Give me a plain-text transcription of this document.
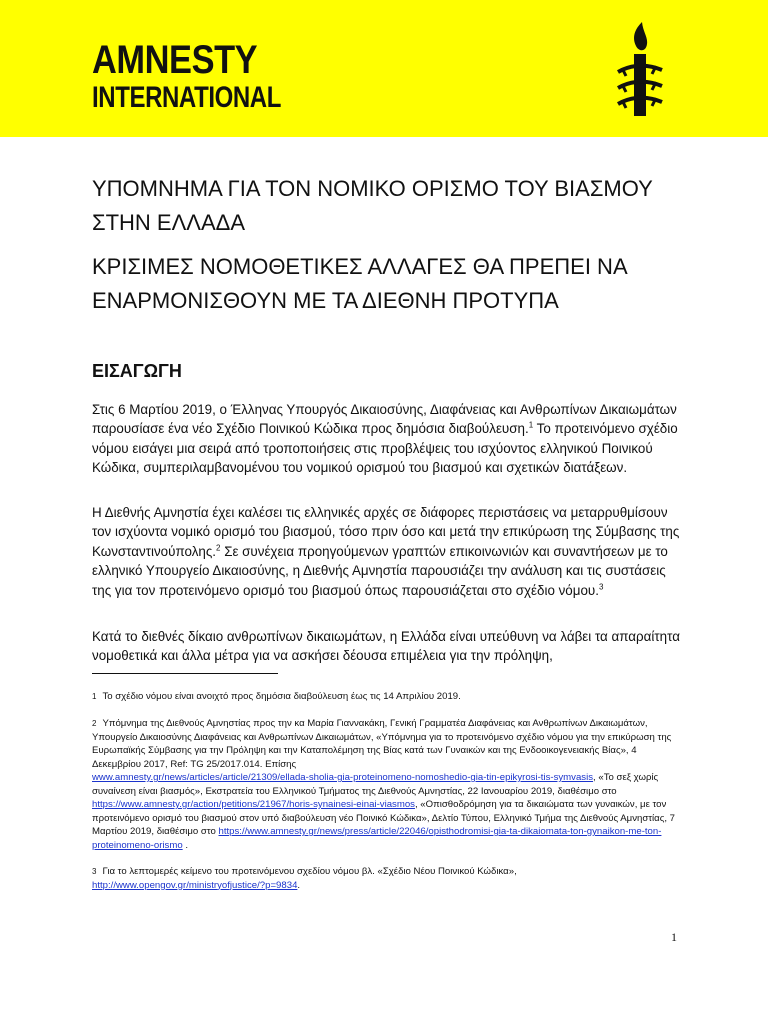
AMNESTY
INTERNATIONAL
ΥΠΟΜΝΗΜΑ ΓΙΑ ΤΟΝ ΝΟΜΙΚΟ ΟΡΙΣΜΟ ΤΟΥ ΒΙΑΣΜΟΥ ΣΤΗΝ ΕΛΛΑΔΑ
ΚΡΙΣΙΜΕΣ ΝΟΜΟΘΕΤΙΚΕΣ ΑΛΛΑΓΕΣ ΘΑ ΠΡΕΠΕΙ ΝΑ ΕΝΑΡΜΟΝΙΣΘΟΥΝ ΜΕ ΤΑ ΔΙΕΘΝΗ ΠΡΟΤΥΠΑ
ΕΙΣΑΓΩΓΗ

Στις 6 Μαρτίου 2019, ο Έλληνας Υπουργός Δικαιοσύνης, Διαφάνειας και Ανθρωπίνων Δικαιωμάτων παρουσίασε ένα νέο Σχέδιο Ποινικού Κώδικα προς δημόσια διαβούλευση.$^1$ Το προτεινόμενο σχέδιο νόμου εισάγει μια σειρά από τροποποιήσεις στις προβλέψεις του ισχύοντος ελληνικού Ποινικού Κώδικα, συμπεριλαμβανομένου του νομικού ορισμού του βιασμού και σχετικών διατάξεων.

Η Διεθνής Αμνηστία έχει καλέσει τις ελληνικές αρχές σε διάφορες περιστάσεις να μεταρρυθμίσουν τον ισχύοντα νομικό ορισμό του βιασμού, τόσο πριν όσο και μετά την επικύρωση της Σύμβασης της Κωνσταντινούπολης.$^2$ Σε συνέχεια προηγούμενων γραπτών επικοινωνιών και συναντήσεων με το ελληνικό Υπουργείο Δικαιοσύνης, η Διεθνής Αμνηστία παρουσιάζει την ανάλυση και τις συστάσεις της για τον προτεινόμενο ορισμό του βιασμού όπως παρουσιάζεται στο σχέδιο νόμου.$^3$

Κατά το διεθνές δίκαιο ανθρωπίνων δικαιωμάτων, η Ελλάδα είναι υπεύθυνη να λάβει τα απαραίτητα νομοθετικά και άλλα μέτρα για να ασκήσει δέουσα επιμέλεια για την πρόληψη,

1 Το σχέδιο νόμου είναι ανοιχτό προς δημόσια διαβούλευση έως τις 14 Απριλίου 2019.

2 Υπόμνημα της Διεθνούς Αμνηστίας προς την κα Μαρία Γιαννακάκη, Γενική Γραμματέα Διαφάνειας και Ανθρωπίνων Δικαιωμάτων, Υπουργείο Δικαιοσύνης Διαφάνειας και Ανθρωπίνων Δικαιωμάτων, «Υπόμνημα για το προτεινόμενο σχέδιο νόμου για την επικύρωση της Ευρωπαϊκής Σύμβασης για την Πρόληψη και την Καταπολέμηση της Βίας κατά των Γυναικών και της Ενδοοικογενειακής Βίας», 4 Δεκεμβρίου 2017, Ref: TG 25/2017.014. Επίσης
www.amnesty.gr/news/articles/article/21309/ellada-sholia-gia-proteinomeno-nomoshedio-gia-tin-epikyrosi-tis-symvasis, «Το σεξ χωρίς συναίνεση είναι βιασμός», Εκστρατεία του Ελληνικού Τμήματος της Διεθνούς Αμνηστίας, 22 Ιανουαρίου 2019, διαθέσιμο στο https://www.amnesty.gr/action/petitions/21967/horis-synainesi-einai-viasmos, «Οπισθοδρόμηση για τα δικαιώματα των γυναικών, με τον προτεινόμενο ορισμό του βιασμού στον υπό διαβούλευση νέο Ποινικό Κώδικα», Δελτίο Τύπου, Ελληνικό Τμήμα της Διεθνούς Αμνηστίας, 7 Μαρτίου 2019, διαθέσιμο στο https://www.amnesty.gr/news/press/article/22046/opisthodromisi-gia-ta-dikaiomata-ton-gynaikon-me-ton-proteinomeno-orismo .

3 Για το λεπτομερές κείμενο του προτεινόμενου σχεδίου νόμου βλ. «Σχέδιο Νέου Ποινικού Κώδικα»,
http://www.opengov.gr/ministryofjustice/?p=9834.

1
